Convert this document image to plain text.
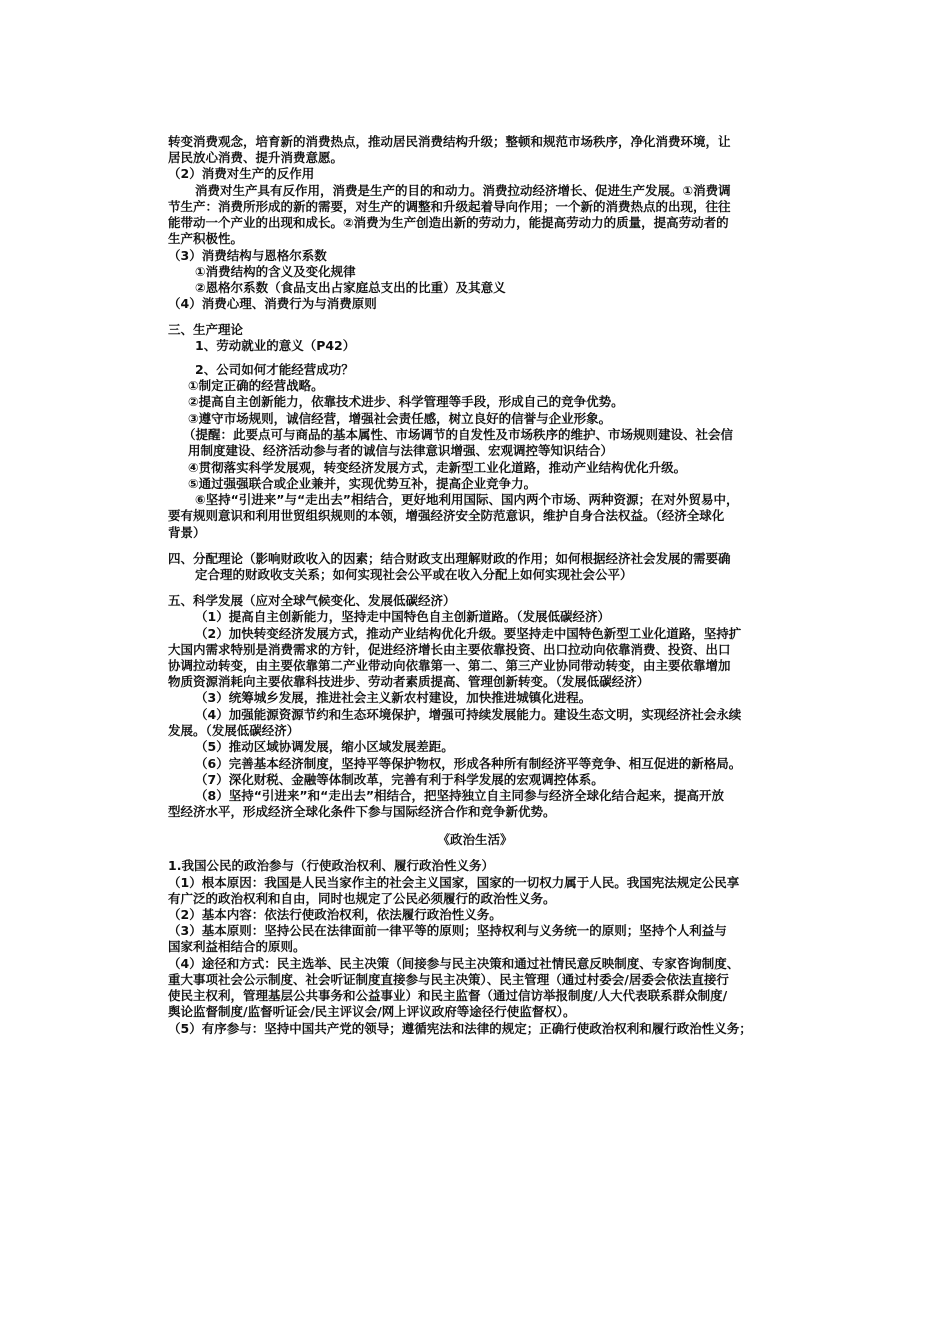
转变消费观念，培育新的消费热点，推动居民消费结构升级；整顿和规范市场秩序，净化消费环境，让
居民放心消费、提升消费意愿。
（2）消费对生产的反作用
消费对生产具有反作用，消费是生产的目的和动力。消费拉动经济增长、促进生产发展。①消费调
节生产：消费所形成的新的需要，对生产的调整和升级起着导向作用；一个新的消费热点的出现，往往
能带动一个产业的出现和成长。②消费为生产创造出新的劳动力，能提高劳动力的质量，提高劳动者的
生产积极性。
（3）消费结构与恩格尔系数
①消费结构的含义及变化规律
②恩格尔系数（食品支出占家庭总支出的比重）及其意义
（4）消费心理、消费行为与消费原则
三、生产理论
1、劳动就业的意义（P42）
2、公司如何才能经营成功？
①制定正确的经营战略。
②提高自主创新能力，依靠技术进步、科学管理等手段，形成自己的竞争优势。
③遵守市场规则，诚信经营，增强社会责任感，树立良好的信誉与企业形象。
（提醒：此要点可与商品的基本属性、市场调节的自发性及市场秩序的维护、市场规则建设、社会信
用制度建设、经济活动参与者的诚信与法律意识增强、宏观调控等知识结合）
④贯彻落实科学发展观，转变经济发展方式，走新型工业化道路，推动产业结构优化升级。
⑤通过强强联合或企业兼并，实现优势互补，提高企业竞争力。
⑥坚持“引进来”与“走出去”相结合，更好地利用国际、国内两个市场、两种资源；在对外贸易中，
要有规则意识和利用世贸组织规则的本领，增强经济安全防范意识，维护自身合法权益。（经济全球化
背景）
四、分配理论（影响财政收入的因素；结合财政支出理解财政的作用；如何根据经济社会发展的需要确
定合理的财政收支关系；如何实现社会公平或在收入分配上如何实现社会公平）
五、科学发展（应对全球气候变化、发展低碳经济）
（1）提高自主创新能力，坚持走中国特色自主创新道路。（发展低碳经济）
（2）加快转变经济发展方式，推动产业结构优化升级。要坚持走中国特色新型工业化道路，坚持扩
大国内需求特别是消费需求的方针，促进经济增长由主要依靠投资、出口拉动向依靠消费、投资、出口
协调拉动转变，由主要依靠第二产业带动向依靠第一、第二、第三产业协同带动转变，由主要依靠增加
物质资源消耗向主要依靠科技进步、劳动者素质提高、管理创新转变。（发展低碳经济）
（3）统筹城乡发展，推进社会主义新农村建设，加快推进城镇化进程。
（4）加强能源资源节约和生态环境保护，增强可持续发展能力。建设生态文明，实现经济社会永续
发展。（发展低碳经济）
（5）推动区域协调发展，缩小区域发展差距。
（6）完善基本经济制度，坚持平等保护物权，形成各种所有制经济平等竞争、相互促进的新格局。
（7）深化财税、金融等体制改革，完善有利于科学发展的宏观调控体系。
（8）坚持“引进来”和“走出去”相结合，把坚持独立自主同参与经济全球化结合起来，提高开放
型经济水平，形成经济全球化条件下参与国际经济合作和竞争新优势。
《政治生活》
1.我国公民的政治参与（行使政治权利、履行政治性义务）
（1）根本原因：我国是人民当家作主的社会主义国家，国家的一切权力属于人民。我国宪法规定公民享
有广泛的政治权利和自由，同时也规定了公民必须履行的政治性义务。
（2）基本内容：依法行使政治权利，依法履行政治性义务。
（3）基本原则：坚持公民在法律面前一律平等的原则；坚持权利与义务统一的原则；坚持个人利益与
国家利益相结合的原则。
（4）途径和方式：民主选举、民主决策（间接参与民主决策和通过社情民意反映制度、专家咨询制度、
重大事项社会公示制度、社会听证制度直接参与民主决策）、民主管理（通过村委会/居委会依法直接行
使民主权利，管理基层公共事务和公益事业）和民主监督（通过信访举报制度/人大代表联系群众制度/
舆论监督制度/监督听证会/民主评议会/网上评议政府等途径行使监督权）。
（5）有序参与：坚持中国共产党的领导；遵循宪法和法律的规定；正确行使政治权利和履行政治性义务；
